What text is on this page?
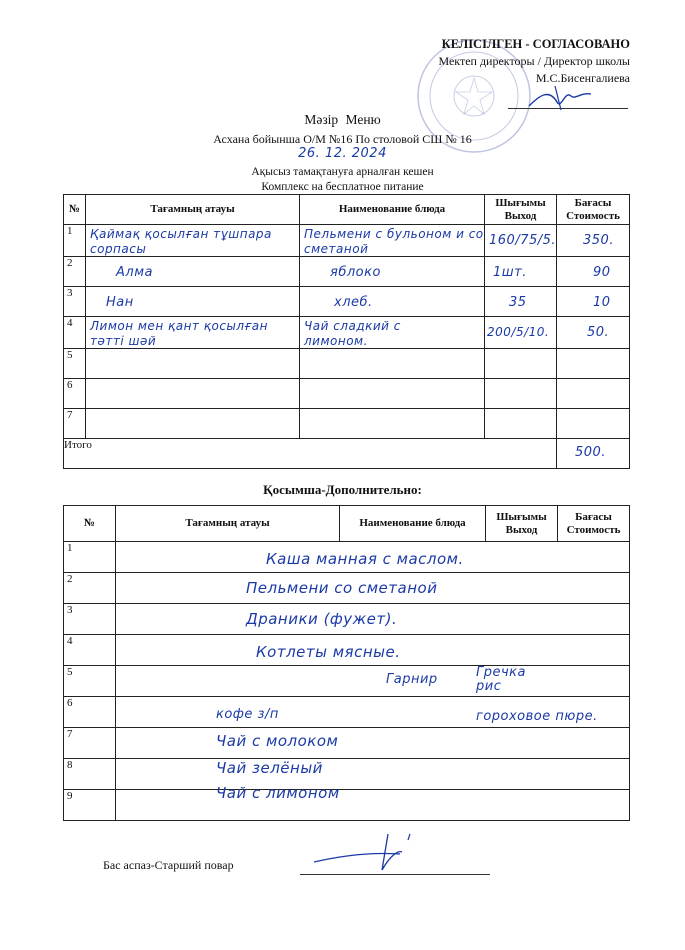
КЕЛІСІЛГЕН - СОГЛАСОВАНО
Мектеп директоры / Директор школы
М.С.Бисенгалиева
Мәзір Меню
Асхана бойынша О/М №16 По столовой СШ № 16
26. 12. 2024
Ақысыз тамақтануға арналған кешен
Комплекс на бесплатное питание
№	Тағамның атауы	Наименование блюда	Шығымы Выход	Бағасы Стоимость
1	Қаймақ қосылған тұшпара сорпасы	Пельмени с бульоном и со сметаной	160/75/5.	350.

2	Алма	яблоко	1шт.	90

3	Нан	хлеб.	35	10

4	Лимон мен қант қосылған тәтті шәй	Чай сладкий с лимоном.	200/5/10.	50.

5				
6				
7				
Итого				500.
Қосымша-Дополнительно:
№	Тағамның атауы	Наименование блюда	Шығымы Выход	Бағасы Стоимость
1	Каша манная с маслом.			

2	Пельмени со сметаной			

3	Драники (фужет).			

4	Котлеты мясные.			

5	Гарнир Гречка рис			

6	кофе з/п гороховое пюре.			

7	Чай с молоком			

8	Чай зелёный			

9	Чай с лимоном			
Бас аспаз-Старший повар
